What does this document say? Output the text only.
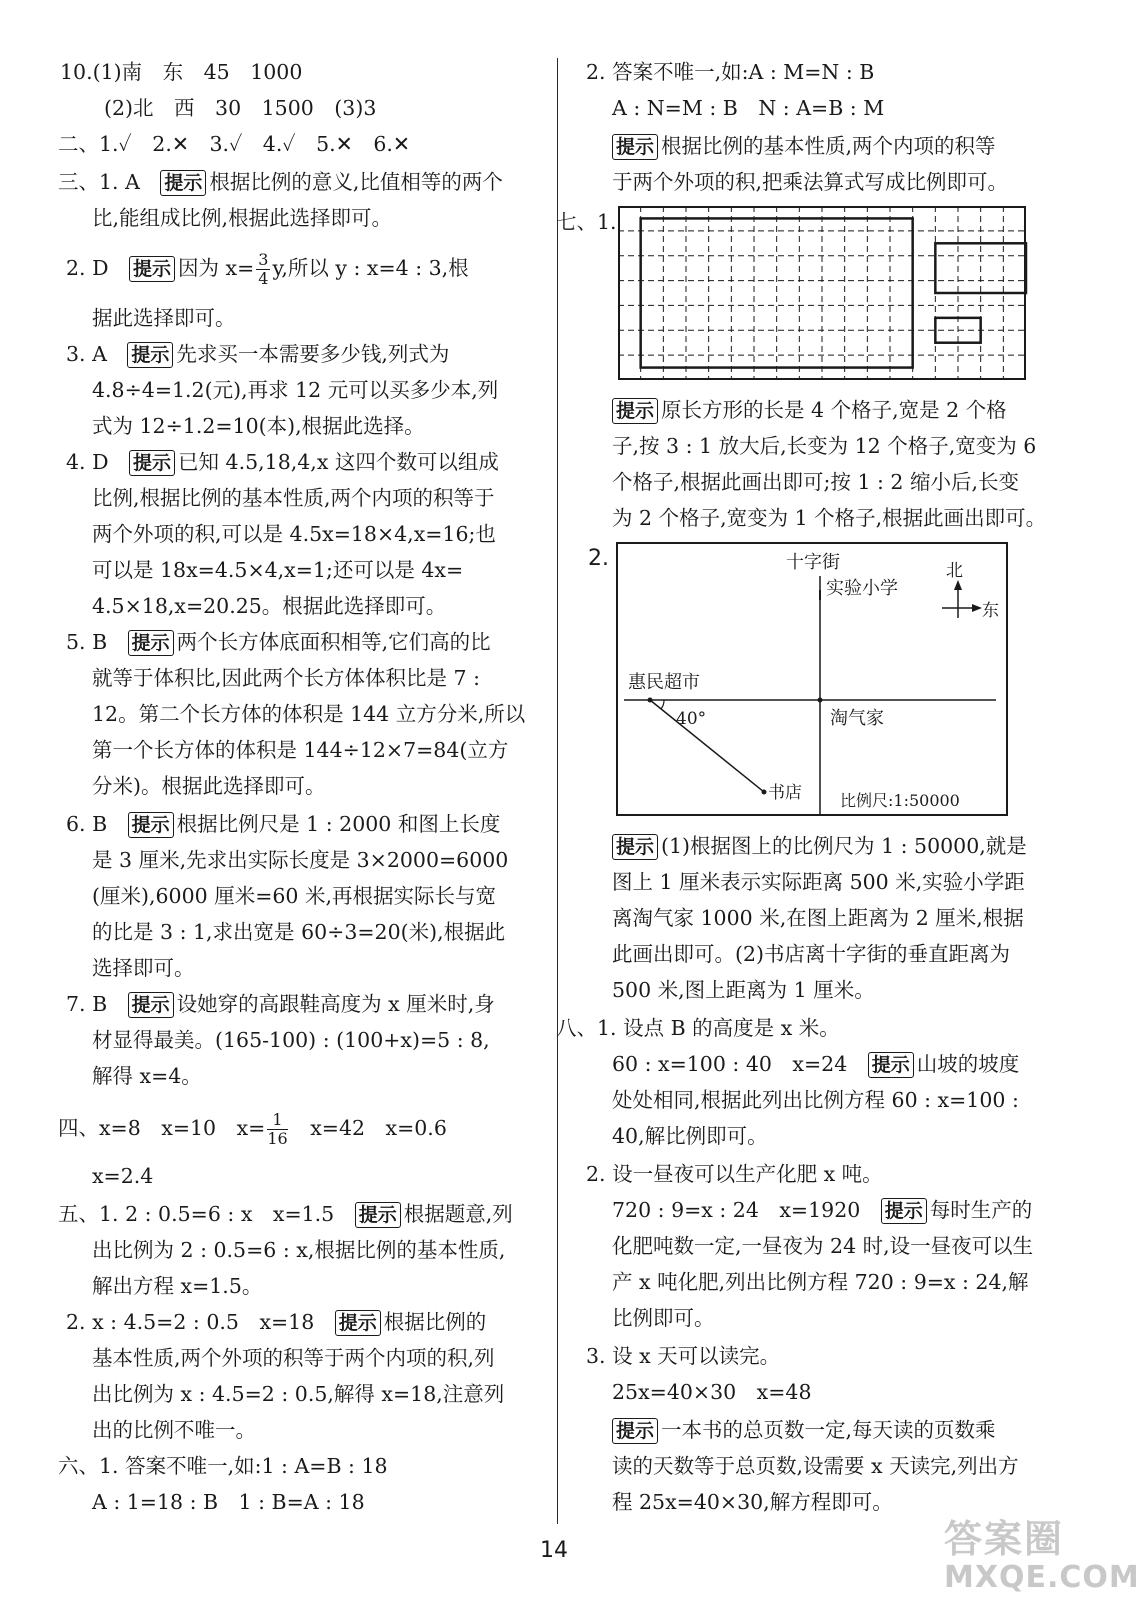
10.(1)南　东　45　1000
(2)北　西　30　1500　(3)3
二、1.✓　2.✕　3.✓　4.✓　5.✕　6.✕
三、1. A　 提示 根据比例的意义,比值相等的两个
比,能组成比例,根据此选择即可。
2. D　 提示 因为 $x= \frac{3}{4} y$,所以 y : x=4 : 3,根
据此选择即可。
3. A　 提示 先求买一本需要多少钱,列式为
4.8÷4=1.2(元),再求 12 元可以买多少本,列
式为 12÷1.2=10(本),根据此选择。
4. D　 提示 已知 4.5,18,4,x 这四个数可以组成
比例,根据比例的基本性质,两个内项的积等于
两个外项的积,可以是 4.5x=18×4,x=16;也
可以是 18x=4.5×4,x=1;还可以是 4x=
4.5×18,x=20.25。根据此选择即可。
5. B　 提示 两个长方体底面积相等,它们高的比
就等于体积比,因此两个长方体体积比是 7 :
12。第二个长方体的体积是 144 立方分米,所以
第一个长方体的体积是 144÷12×7=84(立方
分米)。根据此选择即可。
6. B　 提示 根据比例尺是 1 : 2000 和图上长度
是 3 厘米,先求出实际长度是 3×2000=6000
(厘米),6000 厘米=60 米,再根据实际长与宽
的比是 3 : 1,求出宽是 60÷3=20(米),根据此
选择即可。
7. B　 提示 设她穿的高跟鞋高度为 x 厘米时,身
材显得最美。(165-100) : (100+x)=5 : 8,
解得 x=4。
四、x=8　x=10　$x= \frac{1}{16}$ 　x=42　x=0.6
x=2.4
五、1. 2 : 0.5=6 : x　x=1.5　 提示 根据题意,列
出比例为 2 : 0.5=6 : x,根据比例的基本性质,
解出方程 x=1.5。
2. x : 4.5=2 : 0.5　x=18　 提示 根据比例的
基本性质,两个外项的积等于两个内项的积,列
出比例为 x : 4.5=2 : 0.5,解得 x=18,注意列
出的比例不唯一。
六、1. 答案不唯一,如:1 : A=B : 18
A : 1=18 : B　1 : B=A : 18
2. 答案不唯一,如:A : M=N : B
A : N=M : B　N : A=B : M
提示 根据比例的基本性质,两个内项的积等
于两个外项的积,把乘法算式写成比例即可。
七、1.
提示 原长方形的长是 4 个格子,宽是 2 个格
子,按 3 : 1 放大后,长变为 12 个格子,宽变为 6
个格子,根据此画出即可;按 1 : 2 缩小后,长变
为 2 个格子,宽变为 1 个格子,根据此画出即可。
2.	十字街
实验小学
北
东
惠民超市
40°	淘气家
书店 比例尺:1:50000
提示 (1)根据图上的比例尺为 1 : 50000,就是
图上 1 厘米表示实际距离 500 米,实验小学距
离淘气家 1000 米,在图上距离为 2 厘米,根据
此画出即可。(2)书店离十字街的垂直距离为
500 米,图上距离为 1 厘米。
八、1. 设点 B 的高度是 x 米。
60 : x=100 : 40　x=24　 提示 山坡的坡度
处处相同,根据此列出比例方程 60 : x=100 :
40,解比例即可。
2. 设一昼夜可以生产化肥 x 吨。
720 : 9=x : 24　x=1920　 提示 每时生产的
化肥吨数一定,一昼夜为 24 时,设一昼夜可以生
产 x 吨化肥,列出比例方程 720 : 9=x : 24,解
比例即可。
3. 设 x 天可以读完。
25x=40×30　x=48
提示 一本书的总页数一定,每天读的页数乘
读的天数等于总页数,设需要 x 天读完,列出方
程 25x=40×30,解方程即可。
14	答案圈
MXQE.COM
